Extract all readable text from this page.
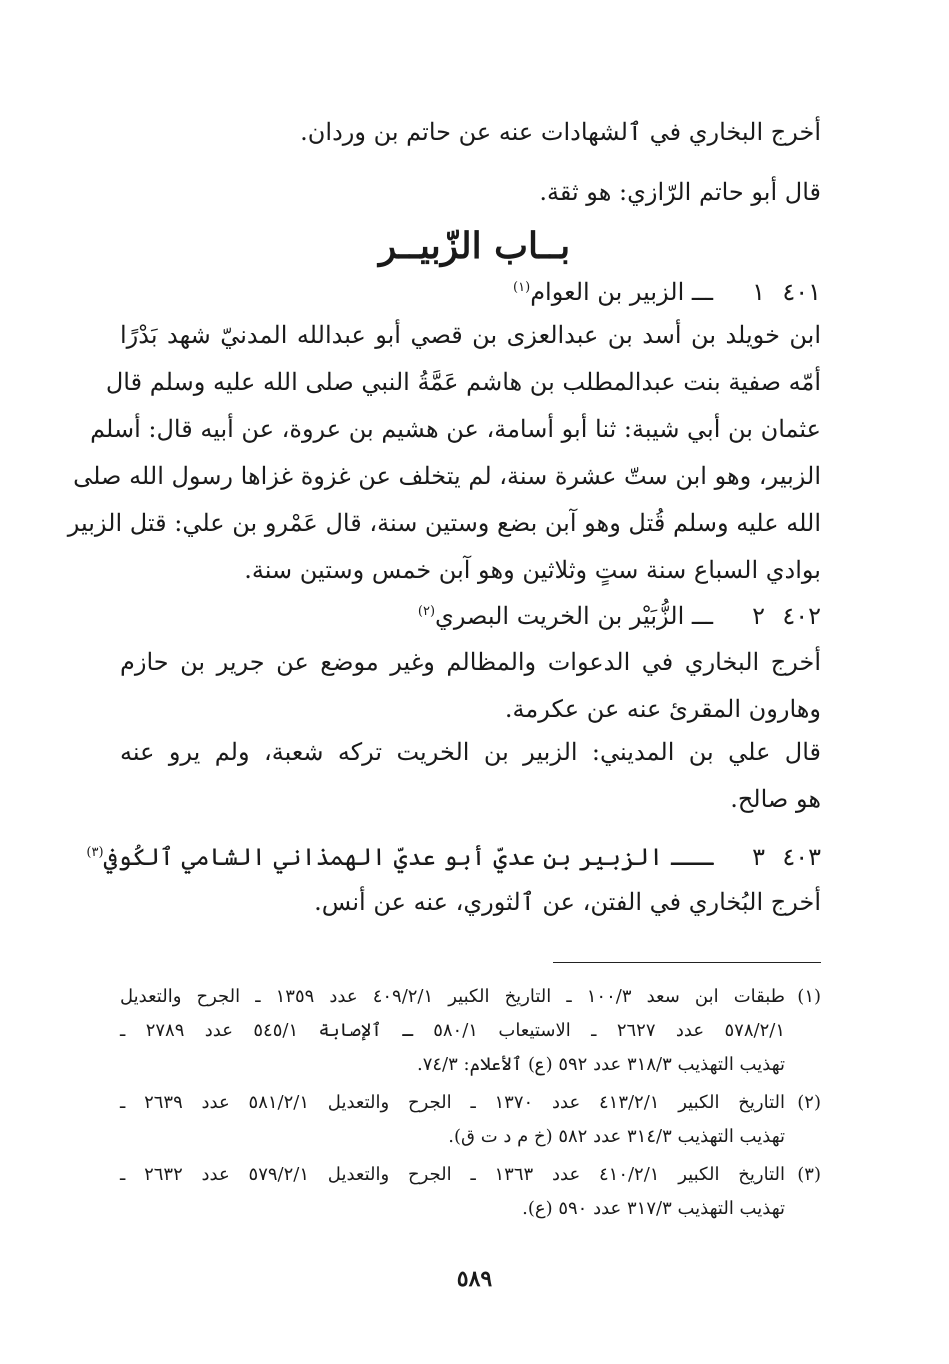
أخرج البخاري في ٱلشهادات عنه عن حاتم بن وردان.
قال أبو حاتم الرّازي: هو ثقة.
بــاب الزّبيــر
٤٠١١ـــ الزبير بن العوام$^{(١)}$
ابن خويلد بن أسد بن عبدالعزى بن قصي أبو عبدالله المدنيّ شهد بَدْرًا
أمّه صفية بنت عبدالمطلب بن هاشم عَمَّةُ النبي صلى الله عليه وسلم قال
عثمان بن أبي شيبة: ثنا أبو أسامة، عن هشيم بن عروة، عن أبيه قال: أسلم
الزبير، وهو ابن ستّ عشرة سنة، لم يتخلف عن غزوة غزاها رسول الله صلى
الله عليه وسلم قُتل وهو آبن بضع وستين سنة، قال عَمْرو بن علي: قتل الزبير
بوادي السباع سنة ستٍ وثلاثين وهو آبن خمس وستين سنة.
٤٠٢٢ـــ الزُّبَيْر بن الخريت البصري$^{(٢)}$
أخرج البخاري في الدعوات والمظالم وغير موضع عن جرير بن حازم
وهارون المقرئ عنه عن عكرمة.
قال علي بن المديني: الزبير بن الخريت تركه شعبة، ولم يرو عنه
هو صالح.
٤٠٣٣ـــ الزبير بن عديّ أبو عديّ الهمذاني الشامي ٱلكُوفي$^{(٣)}$
أخرج البُخاري في الفتن، عن ٱلثوري، عنه عن أنس.
(١)طبقات ابن سعد ١٠٠/٣ ـ التاريخ الكبير ٤٠٩/٢/١ عدد ١٣٥٩ ـ الجرح والتعديل
٥٧٨/٢/١ عدد ٢٦٢٧ ـ الاستيعاب ٥٨٠/١ ـ ٱلإصابة ٥٤٥/١ عدد ٢٧٨٩ ـ
تهذيب التهذيب ٣١٨/٣ عدد ٥٩٢ (ع) ٱلأعلام: ٧٤/٣.
(٢)التاريخ الكبير ٤١٣/٢/١ عدد ١٣٧٠ ـ الجرح والتعديل ٥٨١/٢/١ عدد ٢٦٣٩ ـ
تهذيب التهذيب ٣١٤/٣ عدد ٥٨٢ (خ م د ت ق).
(٣)التاريخ الكبير ٤١٠/٢/١ عدد ١٣٦٣ ـ الجرح والتعديل ٥٧٩/٢/١ عدد ٢٦٣٢ ـ
تهذيب التهذيب ٣١٧/٣ عدد ٥٩٠ (ع).
٥٨٩
